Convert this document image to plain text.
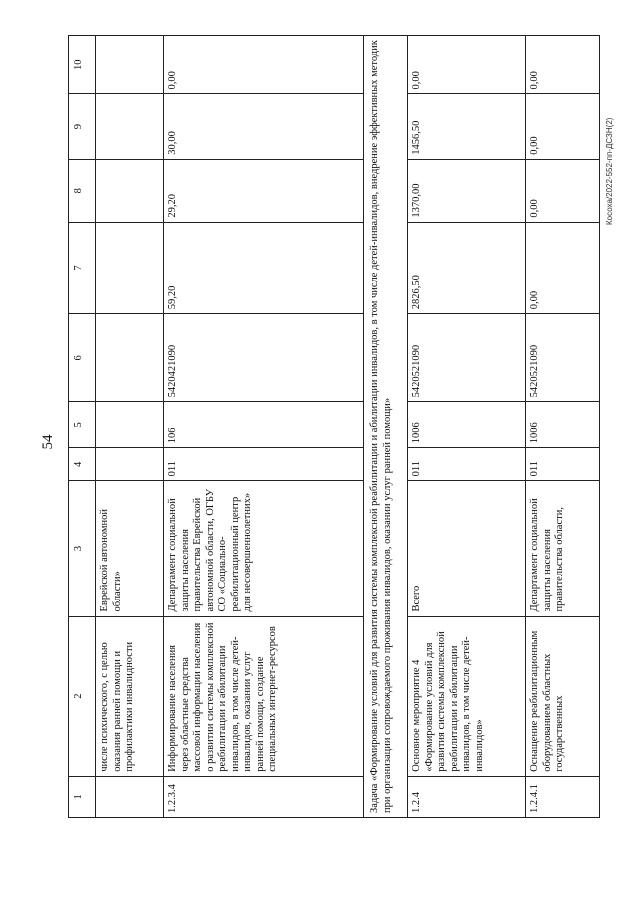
54
1	2	3	4	5	6	7	8	9	10
	числе психического, с целью оказания ранней помощи и профилактики инвалидности	Еврейской автономной области»							
1.2.3.4	Информирование населения через областные средства массовой информации населения о развитии системы комплексной реабилитации и абилитации инвалидов, в том числе детей-инвалидов, оказании услуг ранней помощи, создание специальных интернет-ресурсов	Департамент социальной защиты населения правительства Еврейской автономной области, ОГБУ СО «Социально-реабилитационный центр для несовершеннолетних»	011	106	5420421090	59,20	29,20	30,00	0,00
Задача «Формирование условий для развития системы комплексной реабилитации и абилитации инвалидов, в том числе детей-инвалидов, внедрение эффективных методик при организации сопровождаемого проживания инвалидов, оказании услуг ранней помощи»									
1.2.4	Основное мероприятие 4 «Формирование условий для развития системы комплексной реабилитации и абилитации инвалидов, в том числе детей-инвалидов»	Всего	011	1006	5420521090	2826,50	1370,00	1456,50	0,00
1.2.4.1	Оснащение реабилитационным оборудованием областных государственных	Департамент социальной защиты населения правительства области,	011	1006	5420521090	0,00	0,00	0,00	0,00
Косоха/2022-552-пп-ДСЗН(2)
